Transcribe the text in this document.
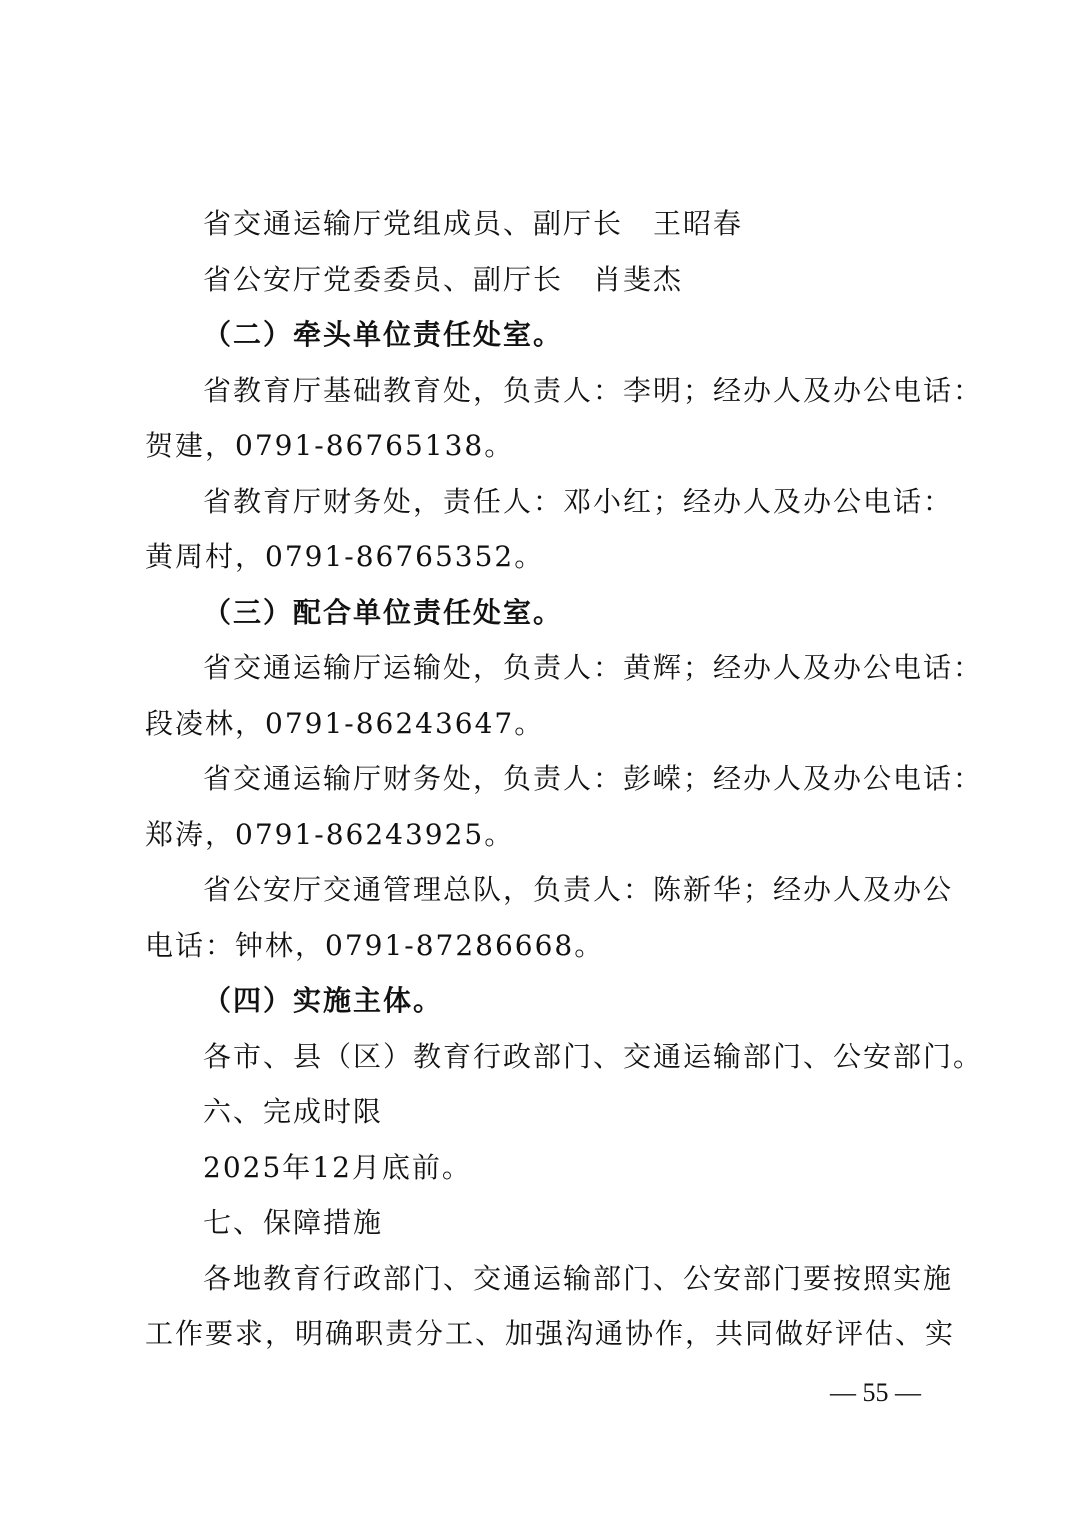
省交通运输厅党组成员、副厅长　王昭春
省公安厅党委委员、副厅长　肖斐杰
（二）牵头单位责任处室。
省教育厅基础教育处，负责人：李明；经办人及办公电话：
贺建，0791-86765138。
省教育厅财务处，责任人：邓小红；经办人及办公电话：
黄周村，0791-86765352。
（三）配合单位责任处室。
省交通运输厅运输处，负责人：黄辉；经办人及办公电话：
段凌林，0791-86243647。
省交通运输厅财务处，负责人：彭嵘；经办人及办公电话：
郑涛，0791-86243925。
省公安厅交通管理总队，负责人：陈新华；经办人及办公
电话：钟林，0791-87286668。
（四）实施主体。
各市、县（区）教育行政部门、交通运输部门、公安部门。
六、完成时限
2025年12月底前。
七、保障措施
各地教育行政部门、交通运输部门、公安部门要按照实施
工作要求，明确职责分工、加强沟通协作，共同做好评估、实
— 55 —
